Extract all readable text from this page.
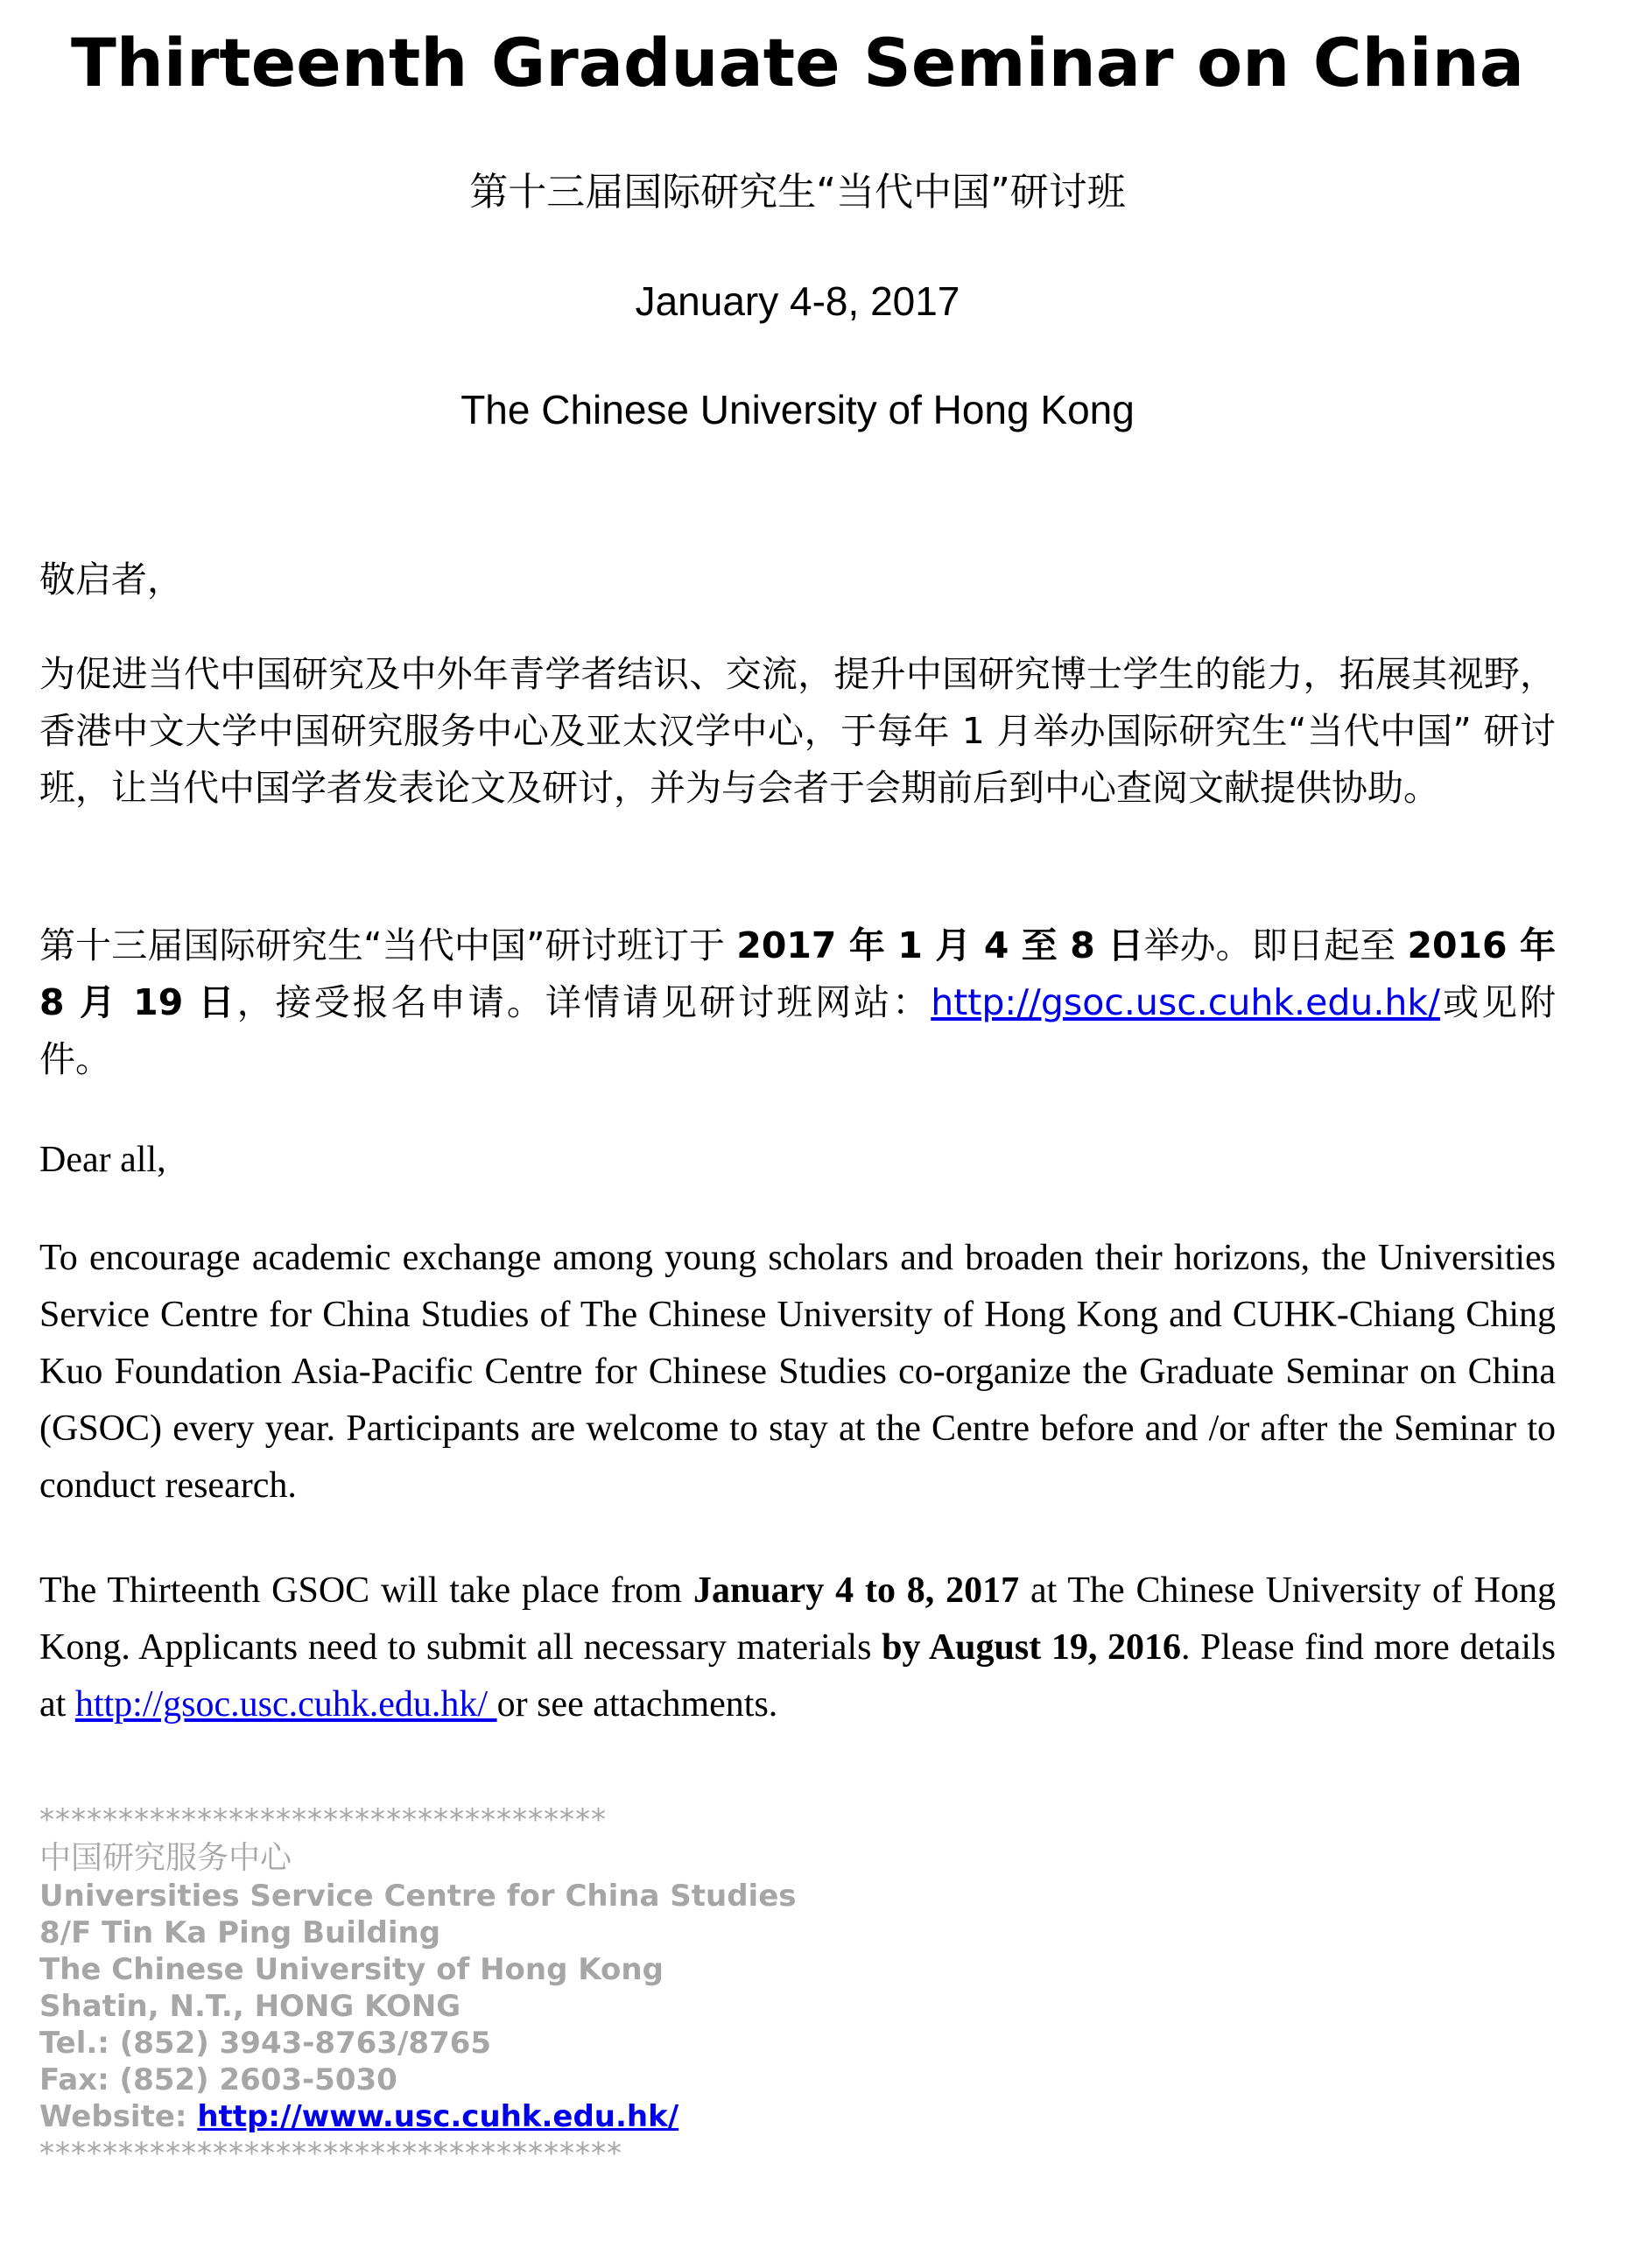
Thirteenth Graduate Seminar on China
第十三届国际研究生“当代中国”研讨班
January 4-8, 2017
The Chinese University of Hong Kong
敬启者，
为促进当代中国研究及中外年青学者结识、交流，提升中国研究博士学生的能力，拓展其视野，香港中文大学中国研究服务中心及亚太汉学中心，于每年 1 月举办国际研究生“当代中国” 研讨班，让当代中国学者发表论文及研讨，并为与会者于会期前后到中心查阅文献提供协助。
第十三届国际研究生“当代中国”研讨班订于 2017 年 1 月 4 至 8 日举办。即日起至 2016 年 8 月 19 日，接受报名申请。详情请见研讨班网站：http://gsoc.usc.cuhk.edu.hk/或见附件。
Dear all,
To encourage academic exchange among young scholars and broaden their horizons, the Universities Service Centre for China Studies of The Chinese University of Hong Kong and CUHK-Chiang Ching Kuo Foundation Asia-Pacific Centre for Chinese Studies co-organize the Graduate Seminar on China (GSOC) every year. Participants are welcome to stay at the Centre before and /or after the Seminar to conduct research.
The Thirteenth GSOC will take place from January 4 to 8, 2017 at The Chinese University of Hong Kong. Applicants need to submit all necessary materials by August 19, 2016. Please find more details at http://gsoc.usc.cuhk.edu.hk/ or see attachments.
************************************
中国研究服务中心
Universities Service Centre for China Studies
8/F Tin Ka Ping Building
The Chinese University of Hong Kong
Shatin, N.T., HONG KONG
Tel.: (852) 3943-8763/8765
Fax: (852) 2603-5030
Website: http://www.usc.cuhk.edu.hk/
*************************************
